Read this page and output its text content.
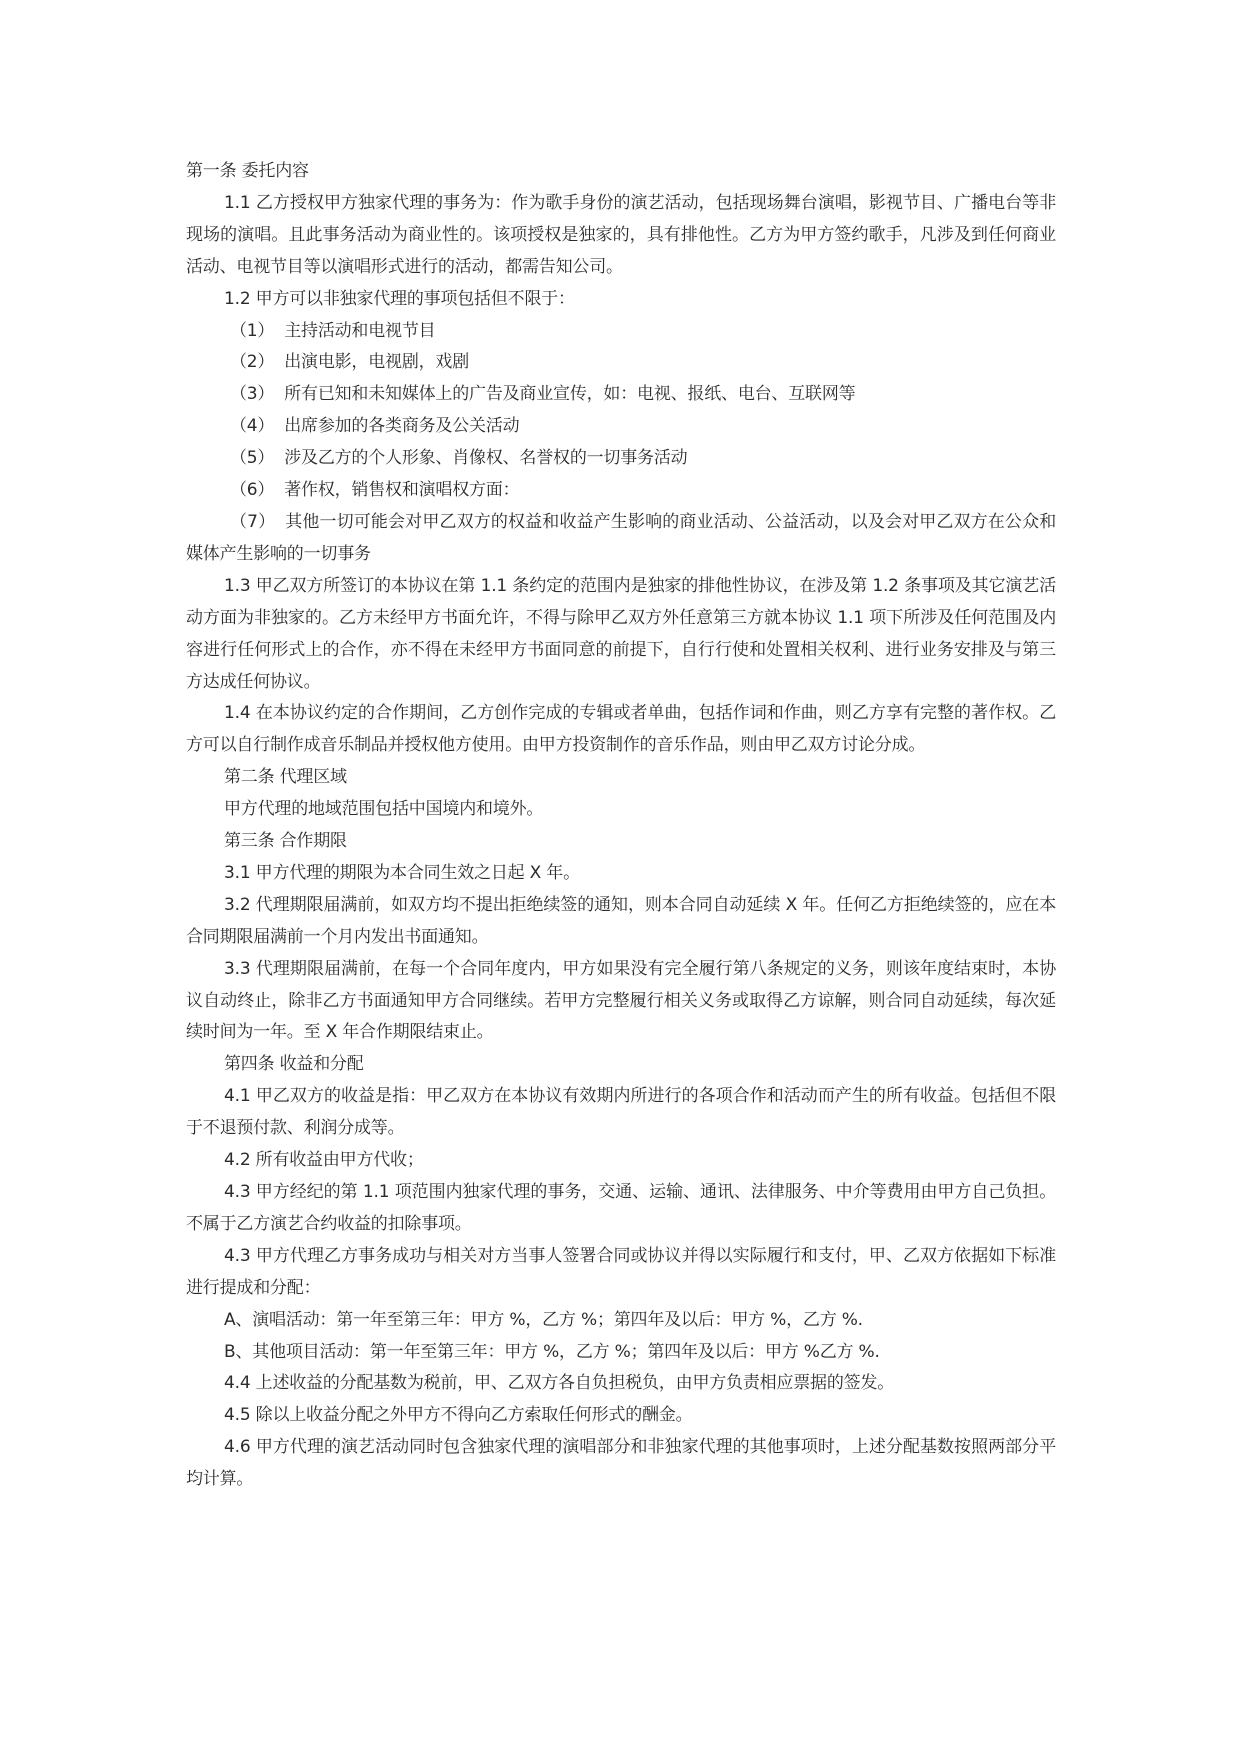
第一条 委托内容

1.1 乙方授权甲方独家代理的事务为：作为歌手身份的演艺活动，包括现场舞台演唱，影视节目、广播电台等非现场的演唱。且此事务活动为商业性的。该项授权是独家的，具有排他性。乙方为甲方签约歌手，凡涉及到任何商业活动、电视节目等以演唱形式进行的活动，都需告知公司。

1.2 甲方可以非独家代理的事项包括但不限于：

（1） 主持活动和电视节目

（2） 出演电影，电视剧，戏剧

（3） 所有已知和未知媒体上的广告及商业宣传，如：电视、报纸、电台、互联网等

（4） 出席参加的各类商务及公关活动

（5） 涉及乙方的个人形象、肖像权、名誉权的一切事务活动

（6） 著作权，销售权和演唱权方面：

（7） 其他一切可能会对甲乙双方的权益和收益产生影响的商业活动、公益活动，以及会对甲乙双方在公众和媒体产生影响的一切事务

1.3 甲乙双方所签订的本协议在第 1.1 条约定的范围内是独家的排他性协议，在涉及第 1.2 条事项及其它演艺活动方面为非独家的。乙方未经甲方书面允许，不得与除甲乙双方外任意第三方就本协议 1.1 项下所涉及任何范围及内容进行任何形式上的合作，亦不得在未经甲方书面同意的前提下，自行行使和处置相关权利、进行业务安排及与第三方达成任何协议。

1.4 在本协议约定的合作期间，乙方创作完成的专辑或者单曲，包括作词和作曲，则乙方享有完整的著作权。乙方可以自行制作成音乐制品并授权他方使用。由甲方投资制作的音乐作品，则由甲乙双方讨论分成。

第二条 代理区域

甲方代理的地域范围包括中国境内和境外。

第三条 合作期限

3.1 甲方代理的期限为本合同生效之日起 X 年。

3.2 代理期限届满前，如双方均不提出拒绝续签的通知，则本合同自动延续 X 年。任何乙方拒绝续签的，应在本合同期限届满前一个月内发出书面通知。

3.3 代理期限届满前，在每一个合同年度内，甲方如果没有完全履行第八条规定的义务，则该年度结束时，本协议自动终止，除非乙方书面通知甲方合同继续。若甲方完整履行相关义务或取得乙方谅解，则合同自动延续，每次延续时间为一年。至 X 年合作期限结束止。

第四条 收益和分配

4.1 甲乙双方的收益是指：甲乙双方在本协议有效期内所进行的各项合作和活动而产生的所有收益。包括但不限于不退预付款、利润分成等。

4.2 所有收益由甲方代收；

4.3 甲方经纪的第 1.1 项范围内独家代理的事务，交通、运输、通讯、法律服务、中介等费用由甲方自己负担。不属于乙方演艺合约收益的扣除事项。

4.3 甲方代理乙方事务成功与相关对方当事人签署合同或协议并得以实际履行和支付，甲、乙双方依据如下标准进行提成和分配：

A、演唱活动：第一年至第三年：甲方 %，乙方 %；第四年及以后：甲方 %，乙方 %.

B、其他项目活动：第一年至第三年：甲方 %，乙方 %；第四年及以后：甲方 %乙方 %.

4.4 上述收益的分配基数为税前，甲、乙双方各自负担税负，由甲方负责相应票据的签发。

4.5 除以上收益分配之外甲方不得向乙方索取任何形式的酬金。

4.6 甲方代理的演艺活动同时包含独家代理的演唱部分和非独家代理的其他事项时，上述分配基数按照两部分平均计算。
